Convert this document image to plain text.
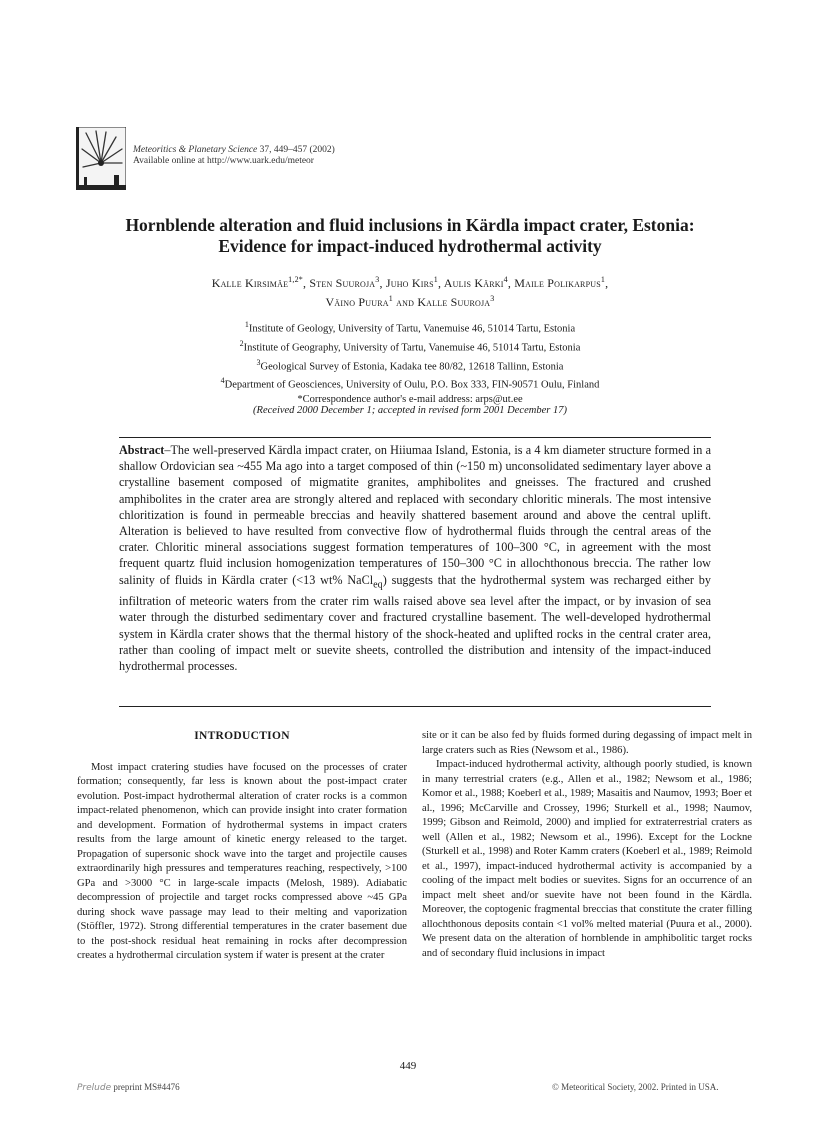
Meteoritics & Planetary Science 37, 449–457 (2002)
Available online at http://www.uark.edu/meteor
Hornblende alteration and fluid inclusions in Kärdla impact crater, Estonia:
Evidence for impact-induced hydrothermal activity
Kalle Kirsimäe$^{1,2*}$, Sten Suuroja$^3$, Juho Kirs$^1$, Aulis Kärki$^4$, Maile Polikarpus$^1$,
Väino Puura$^1$ and Kalle Suuroja$^3$
$^1$Institute of Geology, University of Tartu, Vanemuise 46, 51014 Tartu, Estonia
$^2$Institute of Geography, University of Tartu, Vanemuise 46, 51014 Tartu, Estonia
$^3$Geological Survey of Estonia, Kadaka tee 80/82, 12618 Tallinn, Estonia
$^4$Department of Geosciences, University of Oulu, P.O. Box 333, FIN-90571 Oulu, Finland
*Correspondence author's e-mail address: arps@ut.ee
(Received 2000 December 1; accepted in revised form 2001 December 17)
Abstract–The well-preserved Kärdla impact crater, on Hiiumaa Island, Estonia, is a 4 km diameter structure formed in a shallow Ordovician sea ~455 Ma ago into a target composed of thin (~150 m) unconsolidated sedimentary layer above a crystalline basement composed of migmatite granites, amphibolites and gneisses. The fractured and crushed amphibolites in the crater area are strongly altered and replaced with secondary chloritic minerals. The most intensive chloritization is found in permeable breccias and heavily shattered basement around and above the central uplift. Alteration is believed to have resulted from convective flow of hydrothermal fluids through the central areas of the crater. Chloritic mineral associations suggest formation temperatures of 100–300 °C, in agreement with the most frequent quartz fluid inclusion homogenization temperatures of 150–300 °C in allochthonous breccia. The rather low salinity of fluids in Kärdla crater (<13 wt% NaCl$_{eq}$) suggests that the hydrothermal system was recharged either by infiltration of meteoric waters from the crater rim walls raised above sea level after the impact, or by invasion of sea water through the disturbed sedimentary cover and fractured crystalline basement. The well-developed hydrothermal system in Kärdla crater shows that the thermal history of the shock-heated and uplifted rocks in the central crater area, rather than cooling of impact melt or suevite sheets, controlled the distribution and intensity of the impact-induced hydrothermal processes.

INTRODUCTION

Most impact cratering studies have focused on the processes of crater formation; consequently, far less is known about the post-impact crater evolution. Post-impact hydrothermal alteration of crater rocks is a common impact-related phenomenon, which can provide insight into crater formation and development. Formation of hydrothermal systems in impact craters results from the large amount of kinetic energy released to the target. Propagation of supersonic shock wave into the target and projectile causes extraordinarily high pressures and temperatures reaching, respectively, >100 GPa and >3000 °C in large-scale impacts (Melosh, 1989). Adiabatic decompression of projectile and target rocks compressed above ~45 GPa during shock wave passage may lead to their melting and vaporization (Stöffler, 1972). Strong differential temperatures in the crater basement due to the post-shock residual heat remaining in rocks after decompression creates a hydrothermal circulation system if water is present at the crater

site or it can be also fed by fluids formed during degassing of impact melt in large craters such as Ries (Newsom et al., 1986).

Impact-induced hydrothermal activity, although poorly studied, is known in many terrestrial craters (e.g., Allen et al., 1982; Newsom et al., 1986; Komor et al., 1988; Koeberl et al., 1989; Masaitis and Naumov, 1993; Boer et al., 1996; McCarville and Crossey, 1996; Sturkell et al., 1998; Naumov, 1999; Gibson and Reimold, 2000) and implied for extraterrestrial craters as well (Allen et al., 1982; Newsom et al., 1996). Except for the Lockne (Sturkell et al., 1998) and Roter Kamm craters (Koeberl et al., 1989; Reimold et al., 1997), impact-induced hydrothermal activity is accompanied by a cooling of the impact melt bodies or suevites. Signs for an occurrence of an impact melt sheet and/or suevite have not been found in the Kärdla. Moreover, the coptogenic fragmental breccias that constitute the crater filling allochthonous deposits contain <1 vol% melted material (Puura et al., 2000). We present data on the alteration of hornblende in amphibolitic target rocks and of secondary fluid inclusions in impact

449
Prelude preprint MS#4476	© Meteoritical Society, 2002. Printed in USA.
